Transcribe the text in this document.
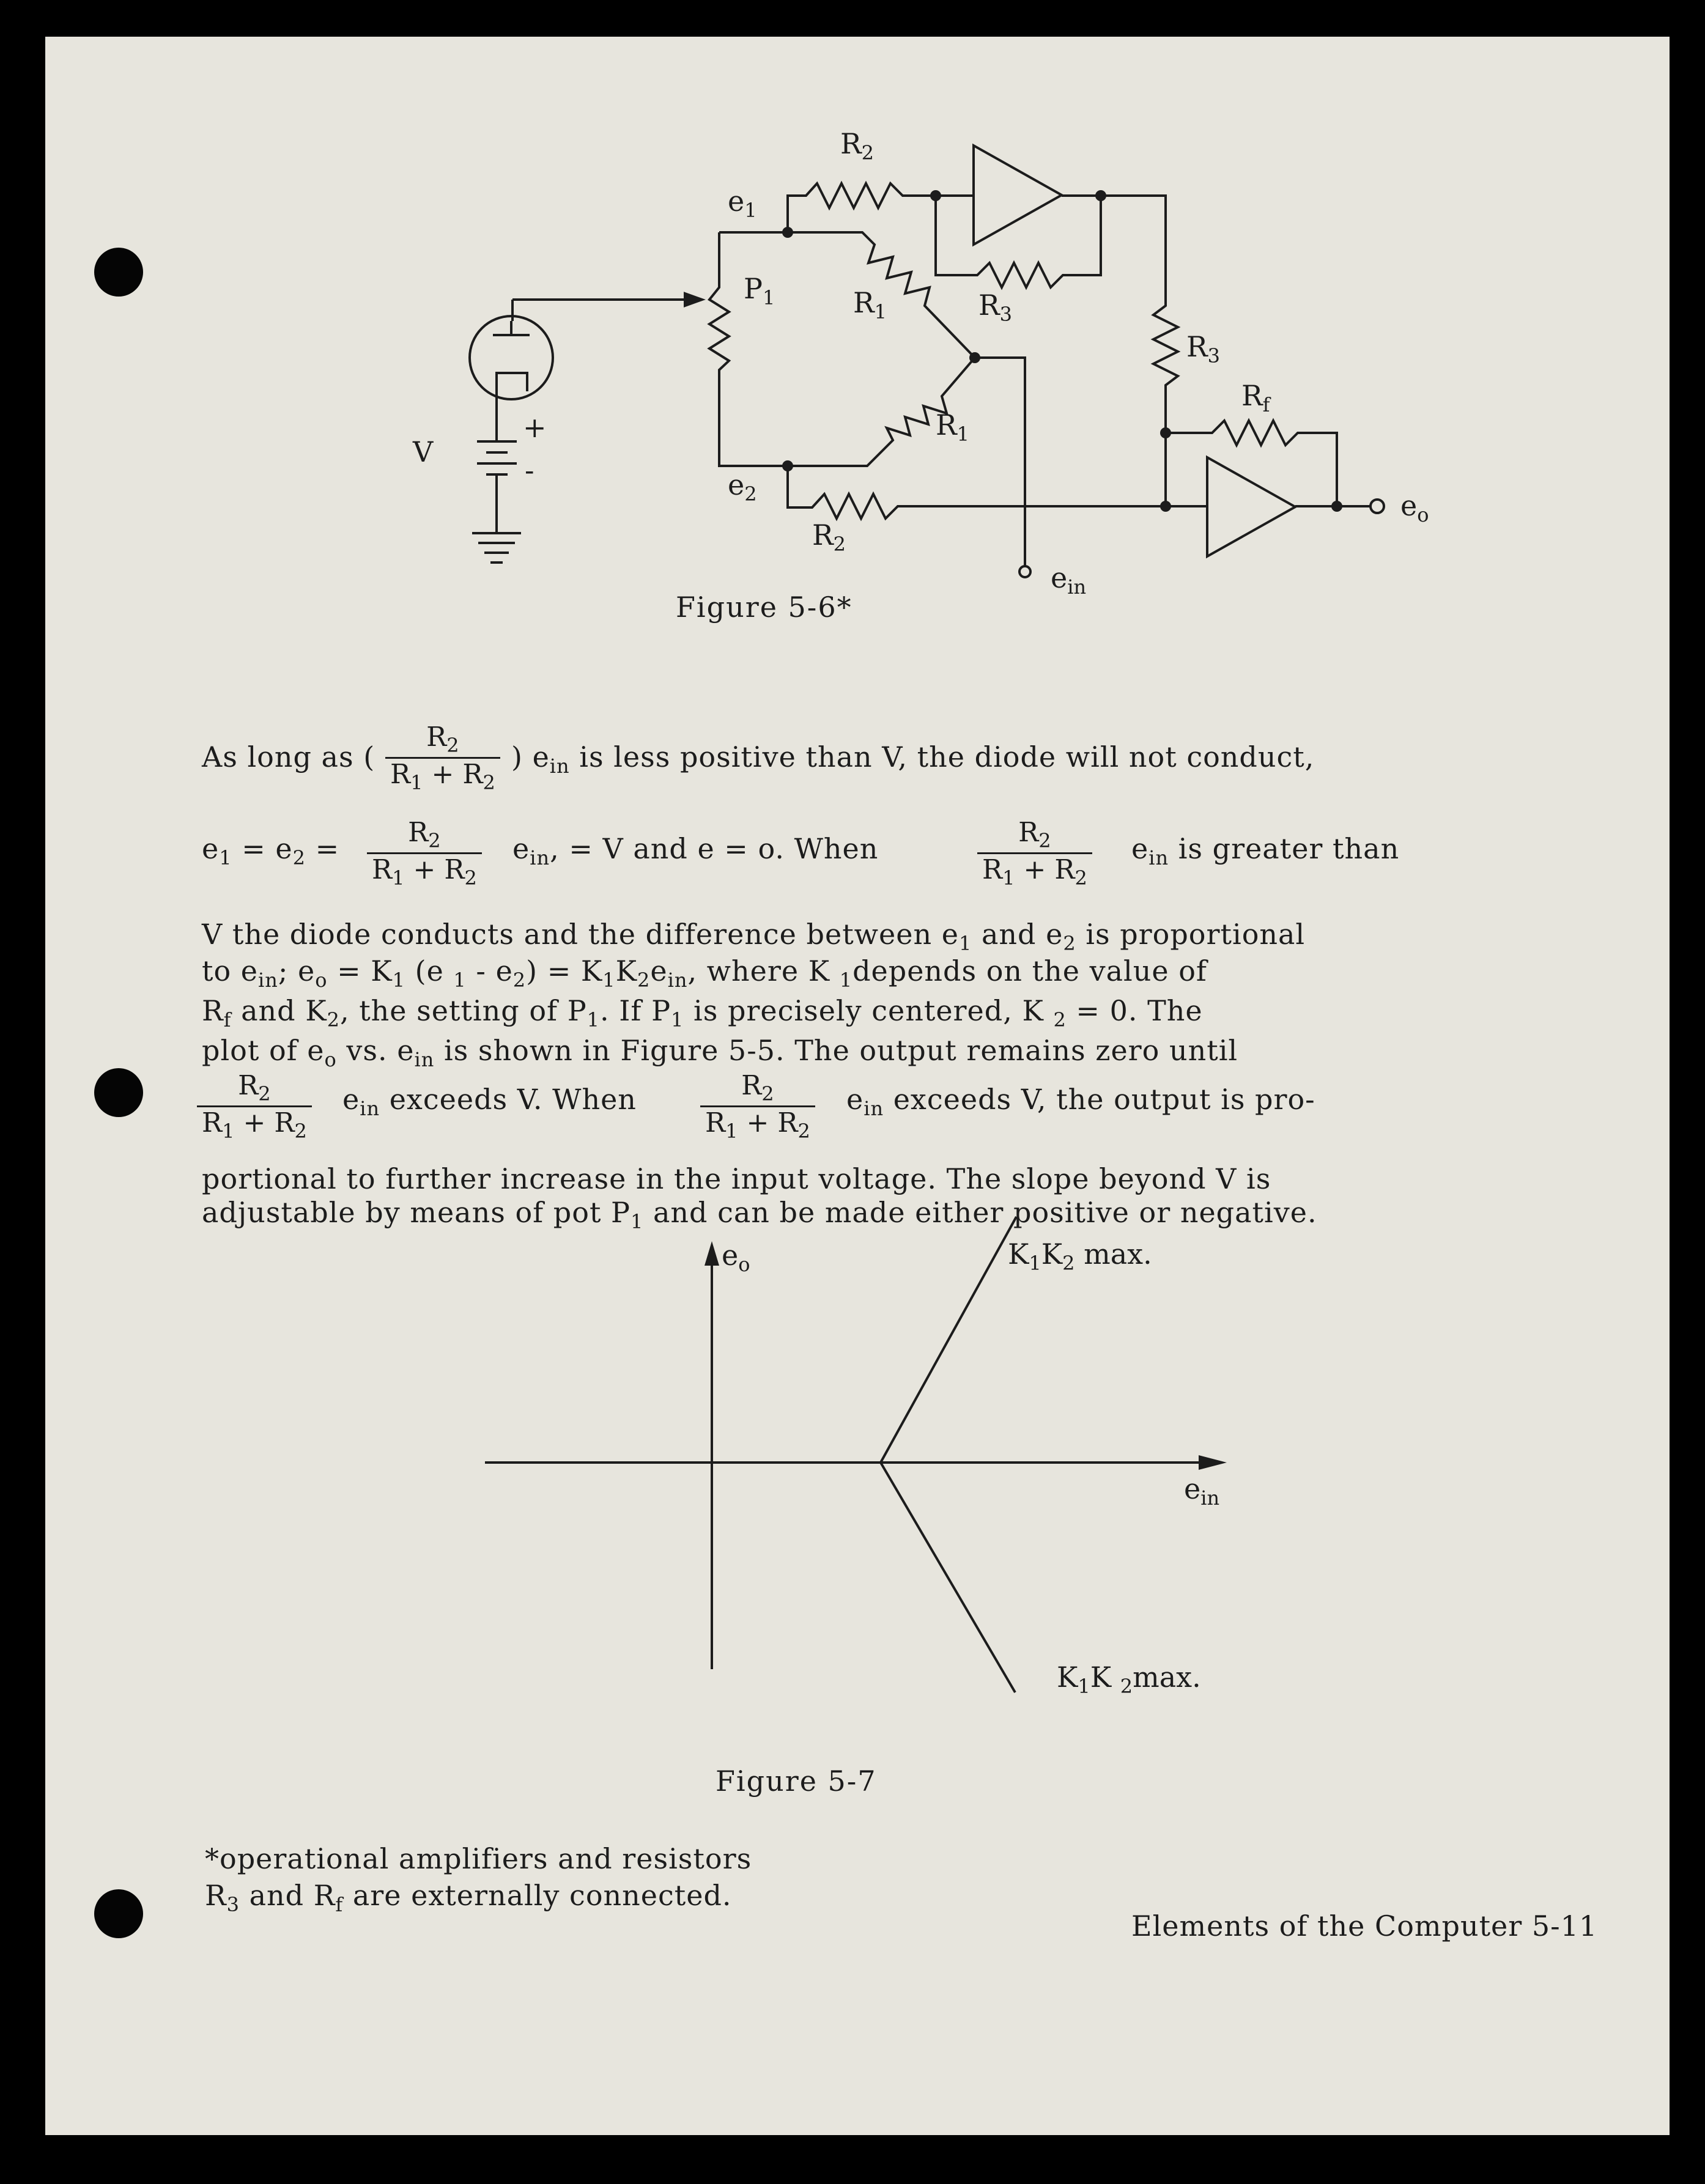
V
+
-
$e_1$
$P_1$
$R_2$
$R_1$	$R_3$
$R_3$
$R_f$
$R_1$
$e_2$
$R_2$
$e_{in}$
$e_o$
Figure 5-6*
As long as ( $\frac{R_2}{R_1 + R_2}$ ) $e_{in}$ is less positive than V, the diode will not conduct,
$e_1 = e_2 = \frac{R_2}{R_1 + R_2} e_{in}$, = V and e = o. When	$\frac{R_2}{R_1 + R_2} e_{in}$ is greater than
V the diode conducts and the difference between $e_1$ and $e_2$ is proportional
to $e_{in}$; $e_o = K_1$ (e $_1 - e_2) = K_1K_2e_{in}$, where K $_1$depends on the value of
$R_f$ and $K_2$, the setting of $P_1$. If $P_1$ is precisely centered, K $_2$ = 0. The
plot of $e_o$ vs. $e_{in}$ is shown in Figure 5-5. The output remains zero until
$\frac{R_2}{R_1 + R_2} e_{in}$ exceeds V. When $\frac{R_2}{R_1 + R_2} e_{in}$ exceeds V, the output is pro-
portional to further increase in the input voltage. The slope beyond V is
adjustable by means of pot $P_1$ and can be made either positive or negative.
$e_o$
$e_{in}$
$K_1K_2$ max.
$K_1K$ $_2$max.
Figure 5-7
*operational amplifiers and resistors
$R_3$ and $R_f$ are externally connected.
Elements of the Computer 5-11
